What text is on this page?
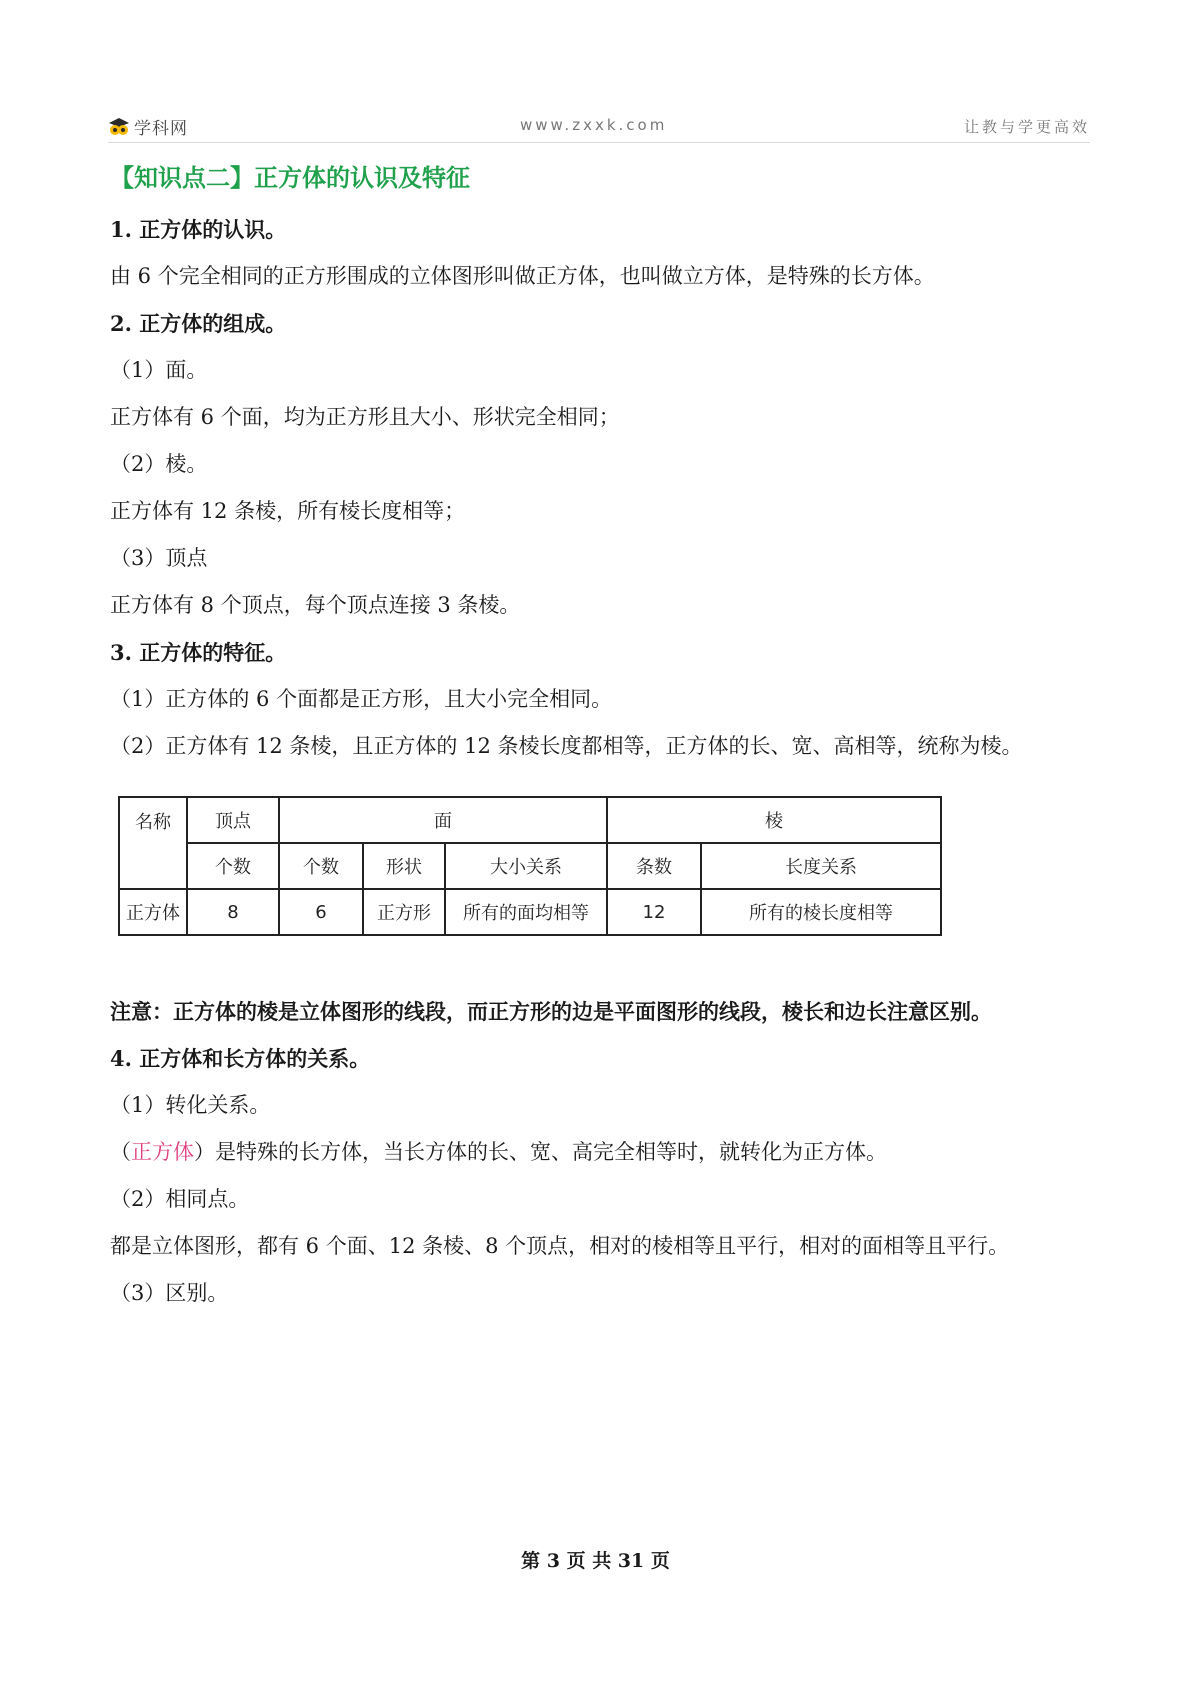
学科网	www.zxxk.com	让教与学更高效

【知识点二】正方体的认识及特征

1. 正方体的认识。

由 6 个完全相同的正方形围成的立体图形叫做正方体，也叫做立方体，是特殊的长方体。

2. 正方体的组成。

（1）面。

正方体有 6 个面，均为正方形且大小、形状完全相同；

（2）棱。

正方体有 12 条棱，所有棱长度相等；

（3）顶点

正方体有 8 个顶点，每个顶点连接 3 条棱。

3. 正方体的特征。

（1）正方体的 6 个面都是正方形，且大小完全相同。

（2）正方体有 12 条棱，且正方体的 12 条棱长度都相等，正方体的长、宽、高相等，统称为棱。

名称	顶点	面			棱	
	个数	个数	形状	大小关系	条数	长度关系
正方体	8	6	正方形	所有的面均相等	12	所有的棱长度相等

注意：正方体的棱是立体图形的线段，而正方形的边是平面图形的线段，棱长和边长注意区别。

4. 正方体和长方体的关系。

（1）转化关系。

（正方体）是特殊的长方体，当长方体的长、宽、高完全相等时，就转化为正方体。

（2）相同点。

都是立体图形，都有 6 个面、12 条棱、8 个顶点，相对的棱相等且平行，相对的面相等且平行。

（3）区别。

第 3 页 共 31 页
